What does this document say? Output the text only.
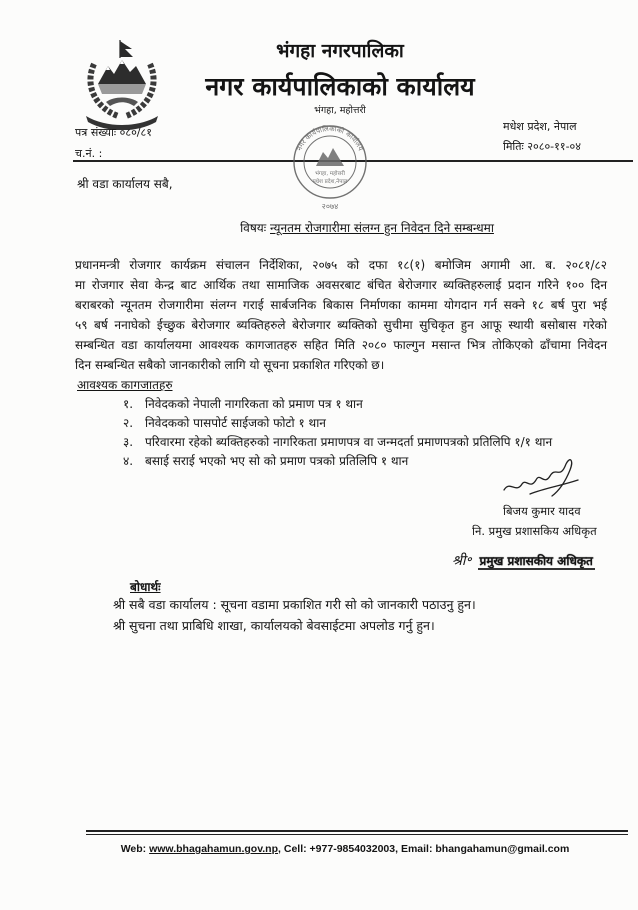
भंगहा नगरपालिका
नगर कार्यपालिकाको कार्यालय
भंगहा, महोत्तरी
पत्र संख्याः ०८०/८१
च.नं. :
मधेश प्रदेश, नेपाल
मितिः २०८०-११-०४
नगर कार्यपालिकाको कार्यालय
भंगहा, महोत्तरी
मधेश प्रदेश,नेपाल
२०७४
श्री वडा कार्यालय सबै,
विषयः न्यूनतम रोजगारीमा संलग्न हुन निवेदन दिने सम्बन्धमा
प्रधानमन्त्री रोजगार कार्यक्रम संचालन निर्देशिका, २०७५ को दफा १८(१) बमोजिम अगामी आ. ब. २०८१/८२
मा रोजगार सेवा केन्द्र बाट आर्थिक तथा सामाजिक अवसरबाट बंचित बेरोजगार ब्यक्तिहरुलाई प्रदान गरिने १०० दिन
बराबरको न्यूनतम रोजगारीमा संलग्न गराई सार्बजनिक बिकास निर्माणका काममा योगदान गर्न सक्ने १८ बर्ष पुरा भई
५९ बर्ष ननाघेको ईच्छुक बेरोजगार ब्यक्तिहरुले बेरोजगार ब्यक्तिको सुचीमा सुचिकृत हुन आफू स्थायी बसोबास गरेको
सम्बन्धित वडा कार्यालयमा आवश्यक कागजातहरु सहित मिति २०८० फाल्गुन मसान्त भित्र तोकिएको ढाँचामा निवेदन
दिन सम्बन्धित सबैको जानकारीको लागि यो सूचना प्रकाशित गरिएको छ।
आवश्यक कागजातहरु
१. निवेदकको नेपाली नागरिकता को प्रमाण पत्र १ थान
२. निवेदकको पासपोर्ट साईजको फोटो १ थान
३. परिवारमा रहेको ब्यक्तिहरुको नागरिकता प्रमाणपत्र वा जन्मदर्ता प्रमाणपत्रको प्रतिलिपि १/१ थान
४. बसाई सराई भएको भए सो को प्रमाण पत्रको प्रतिलिपि १ थान
बिजय कुमार यादव
नि. प्रमुख प्रशासकिय अधिकृत
श्री॰ प्रमुख प्रशासकीय अधिकृत
बोधार्थः
श्री सबै वडा कार्यालय : सूचना वडामा प्रकाशित गरी सो को जानकारी पठाउनु हुन।
श्री सुचना तथा प्राबिधि शाखा, कार्यालयको बेवसाईटमा अपलोड गर्नु हुन।
Web: www.bhagahamun.gov.np, Cell: +977-9854032003, Email: bhangahamun@gmail.com
